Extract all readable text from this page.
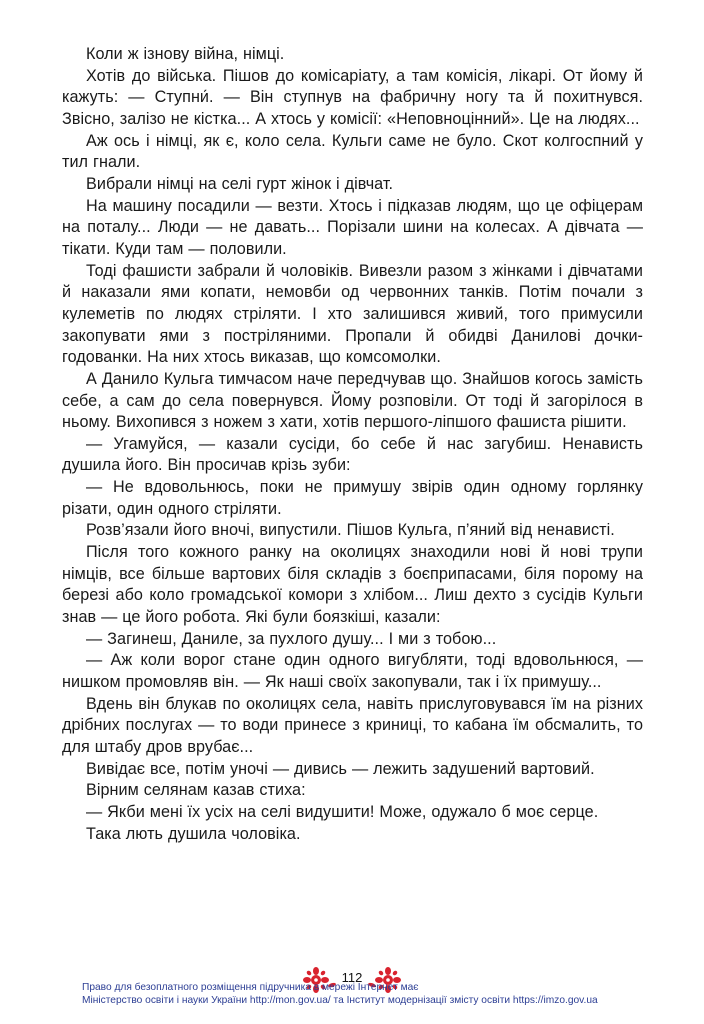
Коли ж ізнову війна, німці.

Хотів до війська. Пішов до комісаріату, а там комісія, лікарі. От йому й кажуть: — Ступни́. — Він ступнув на фабричну ногу та й похитнувся. Звісно, залізо не кістка... А хтось у комісії: «Неповноцінний». Це на людях...

Аж ось і німці, як є, коло села. Кульги саме не було. Скот колгоспний у тил гнали.

Вибрали німці на селі гурт жінок і дівчат.

На машину посадили — везти. Хтось і підказав людям, що це офіцерам на поталу... Люди — не давать... Порізали шини на колесах. А дівчата — тікати. Куди там — половили.

Тоді фашисти забрали й чоловіків. Вивезли разом з жінками і дівчатами й наказали ями копати, немовби од червонних танків. Потім почали з кулеметів по людях стріляти. І хто залишився живий, того примусили закопувати ями з постріляними. Пропали й обидві Данилові дочки-годованки. На них хтось виказав, що комсомолки.

А Данило Кульга тимчасом наче передчував що. Знайшов когось замість себе, а сам до села повернувся. Йому розповіли. От тоді й загорілося в ньому. Вихопився з ножем з хати, хотів першого-ліпшого фашиста рішити.

— Угамуйся, — казали сусіди, бо себе й нас загубиш. Ненависть душила його. Він просичав крізь зуби:

— Не вдовольнюсь, поки не примушу звірів один одному горлянку різати, один одного стріляти.

Розв’язали його вночі, випустили. Пішов Кульга, п’яний від ненависті.

Після того кожного ранку на околицях знаходили нові й нові трупи німців, все більше вартових біля складів з боєприпасами, біля порому на березі або коло громадської комори з хлібом... Лиш дехто з сусідів Кульги знав — це його робота. Які були боязкіші, казали:

— Загинеш, Даниле, за пухлого душу... І ми з тобою...

— Аж коли ворог стане один одного вигубляти, тоді вдовольнюся, — нишком промовляв він. — Як наші своїх закопували, так і їх примушу...

Вдень він блукав по околицях села, навіть прислуговувався їм на різних дрібних послугах — то води принесе з криниці, то кабана їм обсмалить, то для штабу дров врубає...

Вивідає все, потім уночі — дивись — лежить задушений вартовий.

Вірним селянам казав стиха:

— Якби мені їх усіх на селі видушити! Може, одужало б моє серце.

Така лють душила чоловіка.

112
Право для безоплатного розміщення підручника в мережі Інтернет має
Міністерство освіти і науки України http://mon.gov.ua/ та Інститут модернізації змісту освіти https://imzo.gov.ua
